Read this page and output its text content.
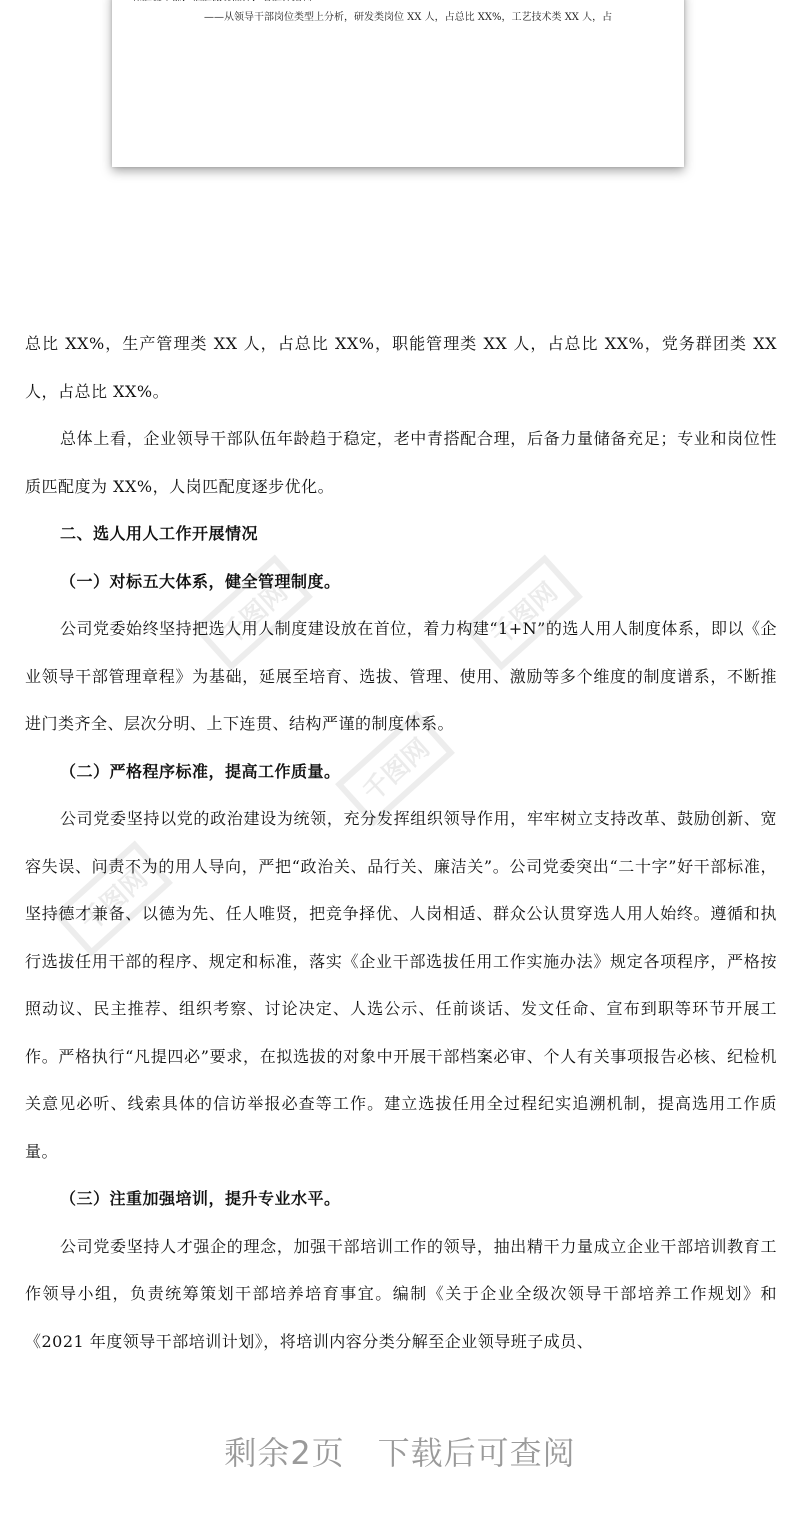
——从领导干部岗位类型上分析，研发类岗位 XX 人，占总比 XX%，工艺技术类 XX 人，占
千图网	千图网
千图网
千图网

总比 XX%，生产管理类 XX 人，占总比 XX%，职能管理类 XX 人，占总比 XX%，党务群团类 XX 人，占总比 XX%。

总体上看，企业领导干部队伍年龄趋于稳定，老中青搭配合理，后备力量储备充足；专业和岗位性质匹配度为 XX%，人岗匹配度逐步优化。

二、选人用人工作开展情况

（一）对标五大体系，健全管理制度。

公司党委始终坚持把选人用人制度建设放在首位，着力构建“1+N”的选人用人制度体系，即以《企业领导干部管理章程》为基础，延展至培育、选拔、管理、使用、激励等多个维度的制度谱系，不断推进门类齐全、层次分明、上下连贯、结构严谨的制度体系。

（二）严格程序标准，提高工作质量。

公司党委坚持以党的政治建设为统领，充分发挥组织领导作用，牢牢树立支持改革、鼓励创新、宽容失误、问责不为的用人导向，严把“政治关、品行关、廉洁关”。公司党委突出“二十字”好干部标准，坚持德才兼备、以德为先、任人唯贤，把竞争择优、人岗相适、群众公认贯穿选人用人始终。遵循和执行选拔任用干部的程序、规定和标准，落实《企业干部选拔任用工作实施办法》规定各项程序，严格按照动议、民主推荐、组织考察、讨论决定、人选公示、任前谈话、发文任命、宣布到职等环节开展工作。严格执行“凡提四必”要求，在拟选拔的对象中开展干部档案必审、个人有关事项报告必核、纪检机关意见必听、线索具体的信访举报必查等工作。建立选拔任用全过程纪实追溯机制，提高选用工作质量。

（三）注重加强培训，提升专业水平。

公司党委坚持人才强企的理念，加强干部培训工作的领导，抽出精干力量成立企业干部培训教育工作领导小组，负责统筹策划干部培养培育事宜。编制《关于企业全级次领导干部培养工作规划》和《2021 年度领导干部培训计划》，将培训内容分类分解至企业领导班子成员、

剩余2页　下载后可查阅
